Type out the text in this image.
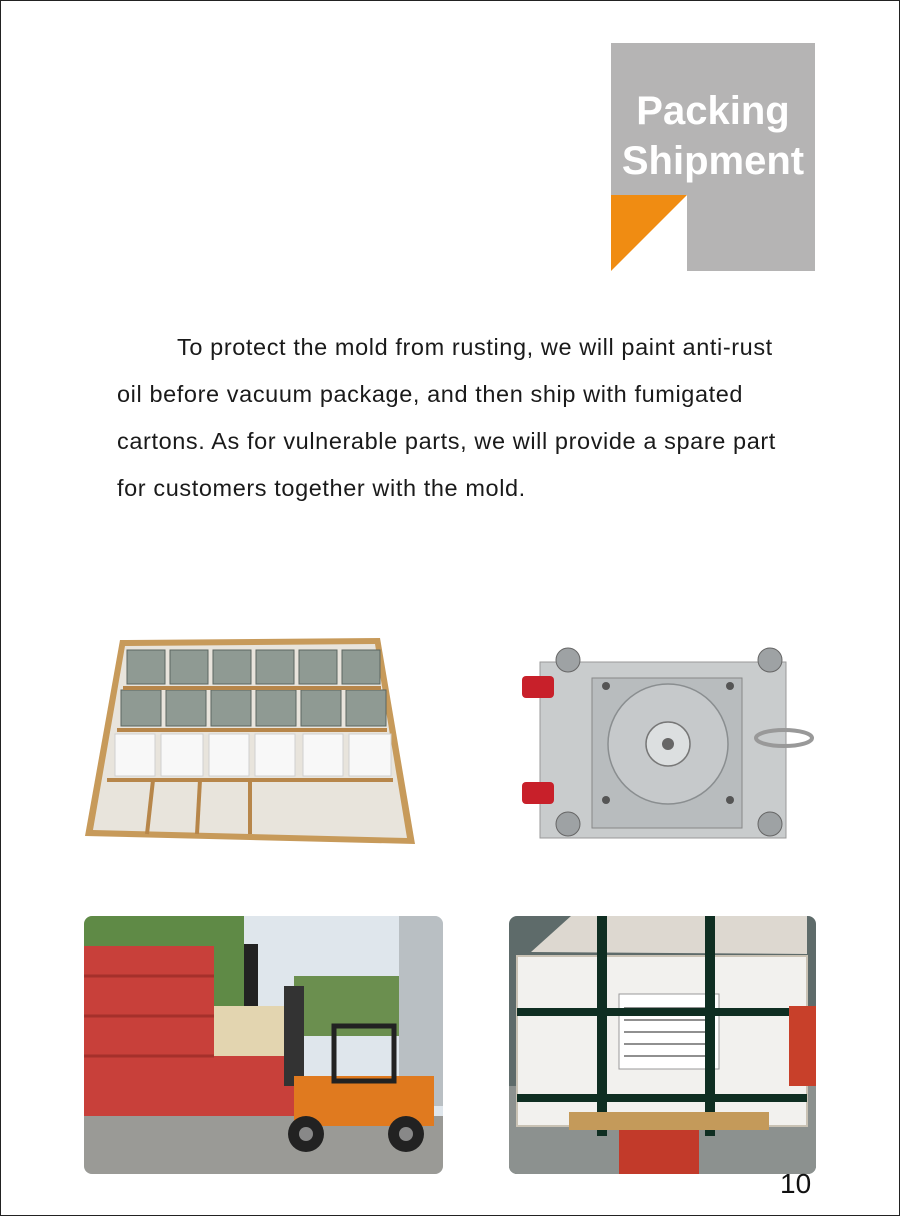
Packing
Shipment

To protect the mold from rusting, we will paint anti-rust oil before vacuum package, and then ship with fumigated cartons. As for vulnerable parts, we will provide a spare part for customers together with the mold.

10
